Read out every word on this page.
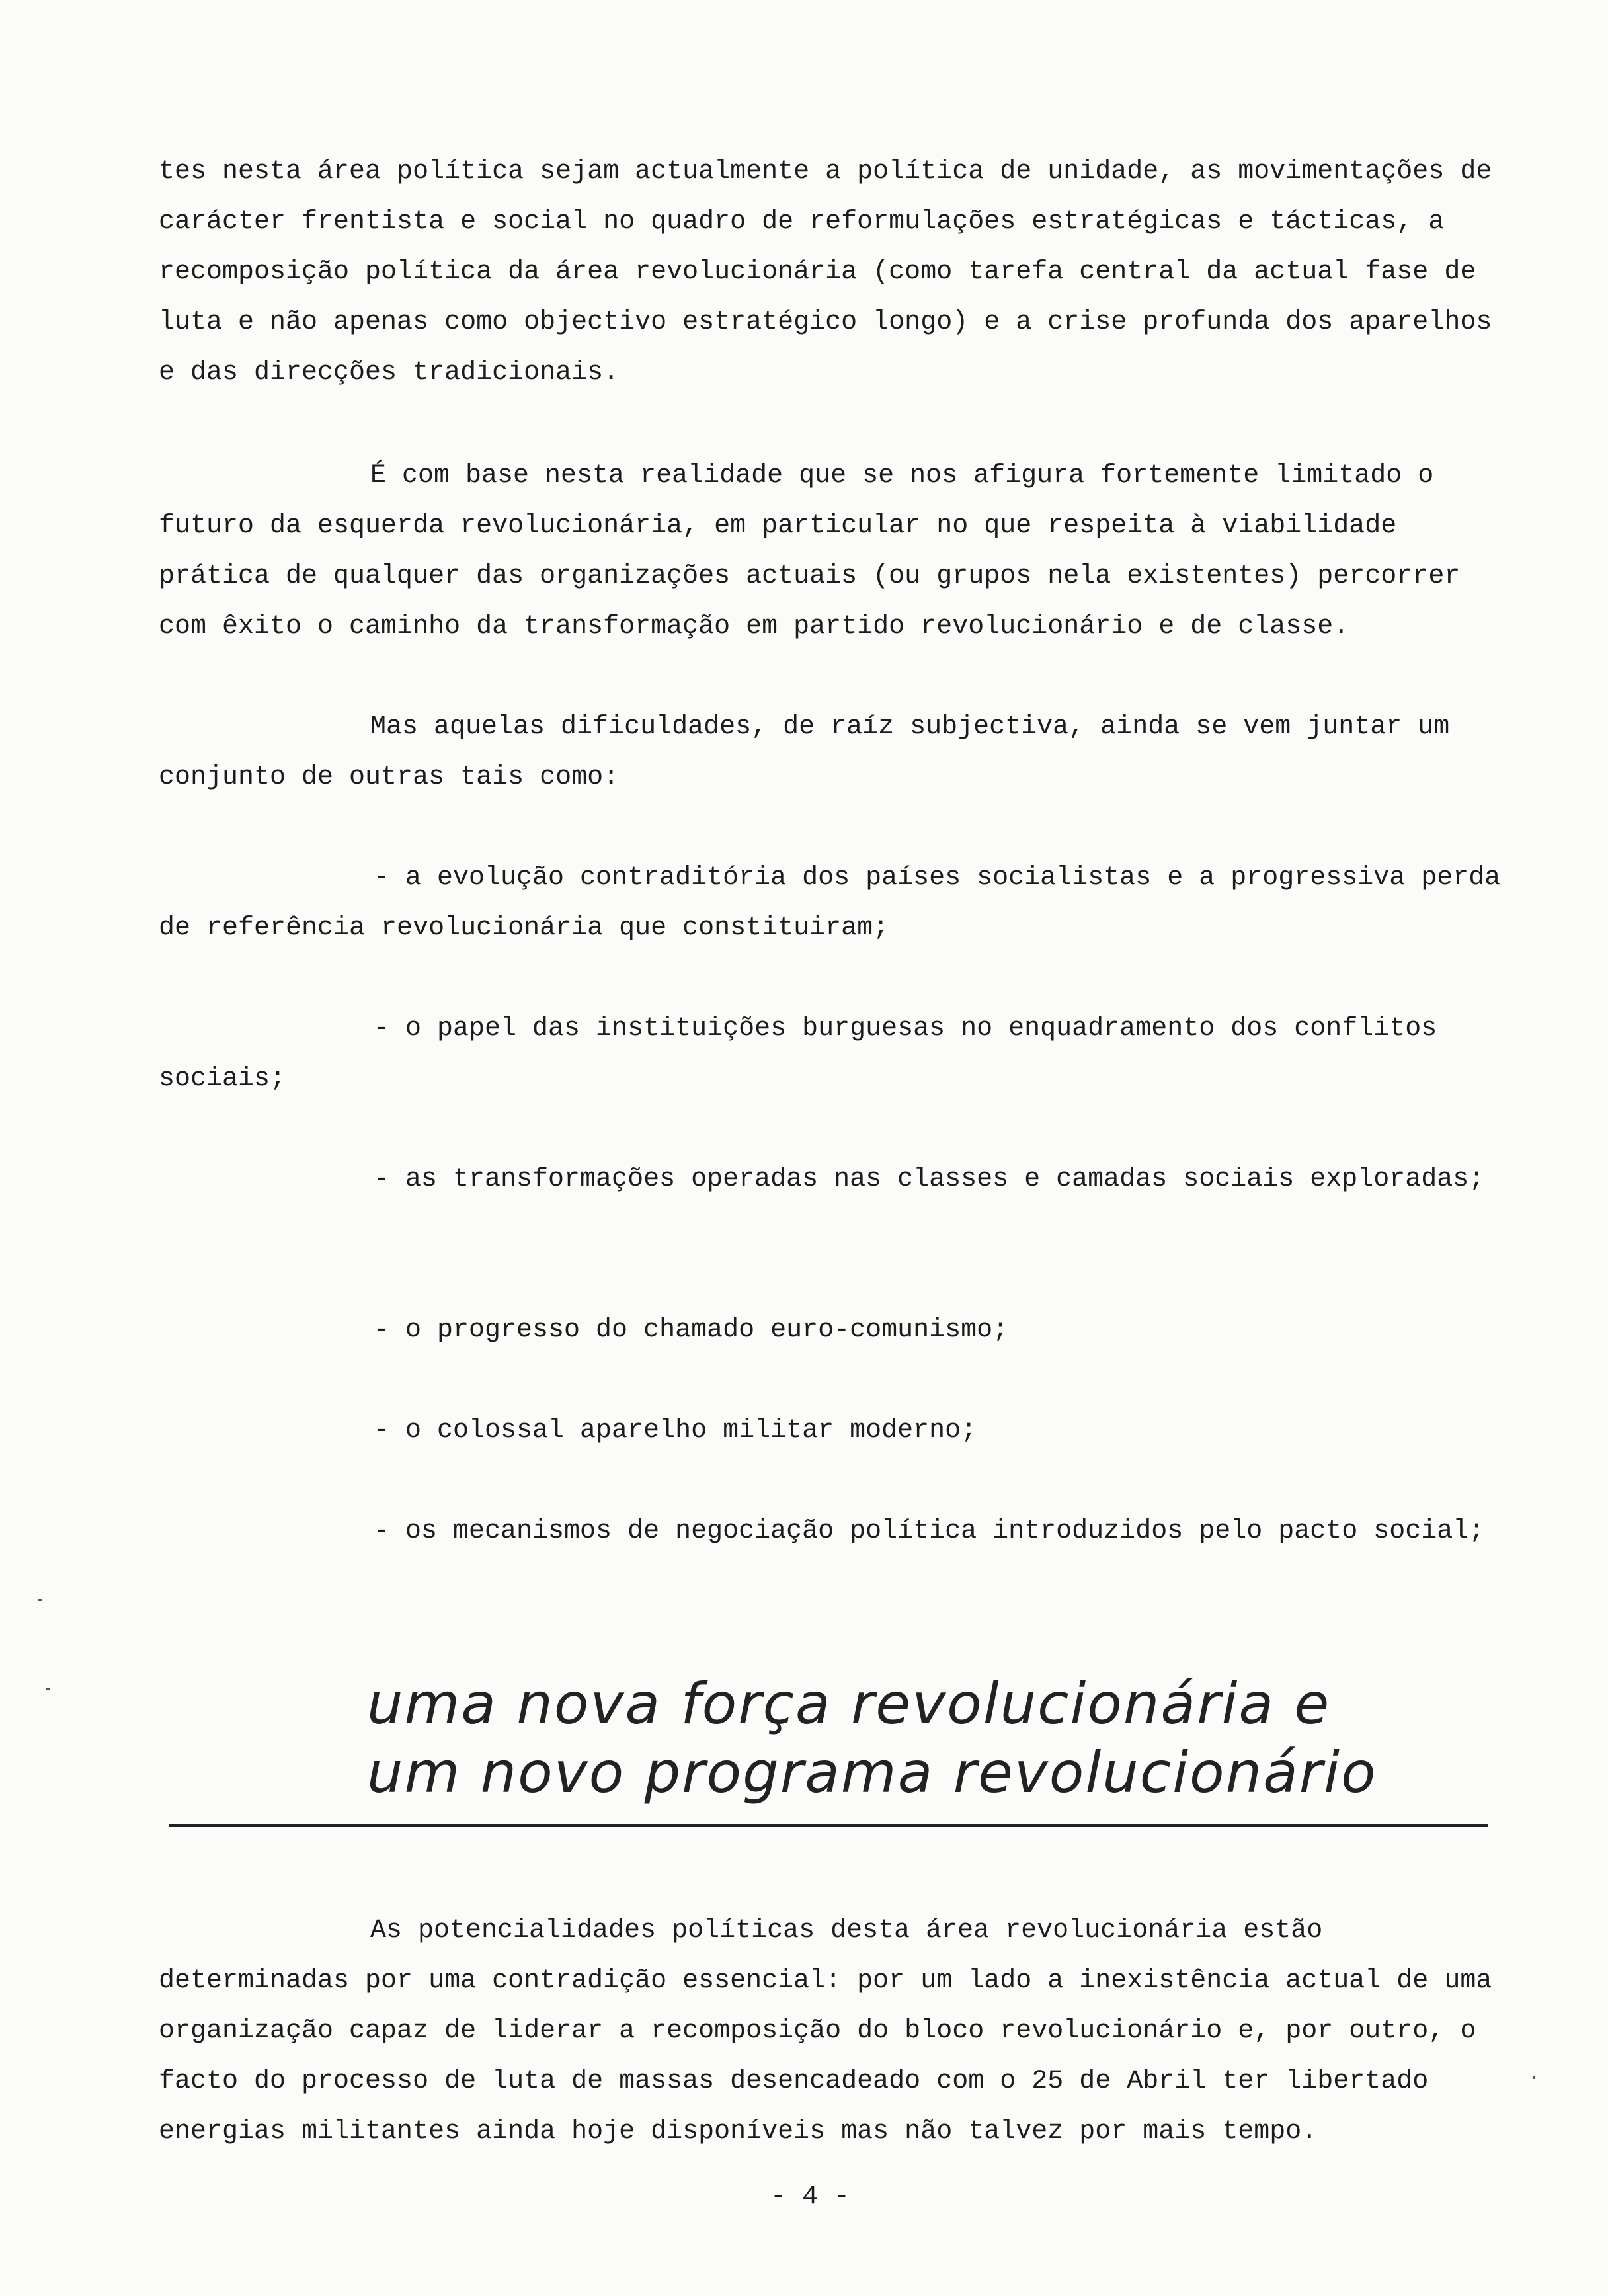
tes nesta área política sejam actualmente a política de unidade, as movimentações de carácter frentista e social no quadro de reformulações estratégicas e tácticas, a recomposição política da área revolucionária (como tarefa central da actual fase de luta e não apenas como objectivo estratégico longo) e a crise profunda dos aparelhos e das direcções tradicionais.

É com base nesta realidade que se nos afigura fortemente limitado o futuro da esquerda revolucionária, em particular no que respeita à viabilidade prática de qualquer das organizações actuais (ou grupos nela existentes) percorrer com êxito o caminho da transformação em partido revolucionário e de classe.

Mas aquelas dificuldades, de raíz subjectiva, ainda se vem juntar um conjunto de outras tais como:

- a evolução contraditória dos países socialistas e a progressiva perda de referência revolucionária que constituiram;

- o papel das instituições burguesas no enquadramento dos conflitos sociais;

- as transformações operadas nas classes e camadas sociais exploradas;

- o progresso do chamado euro-comunismo;

- o colossal aparelho militar moderno;

- os mecanismos de negociação política introduzidos pelo pacto social;

uma nova força revolucionária e
um novo programa revolucionário

As potencialidades políticas desta área revolucionária estão determinadas por uma contradição essencial: por um lado a inexistência actual de uma organização capaz de liderar a recomposição do bloco revolucionário e, por outro, o facto do processo de luta de massas desencadeado com o 25 de Abril ter libertado energias militantes ainda hoje disponíveis mas não talvez por mais tempo.

- 4 -
